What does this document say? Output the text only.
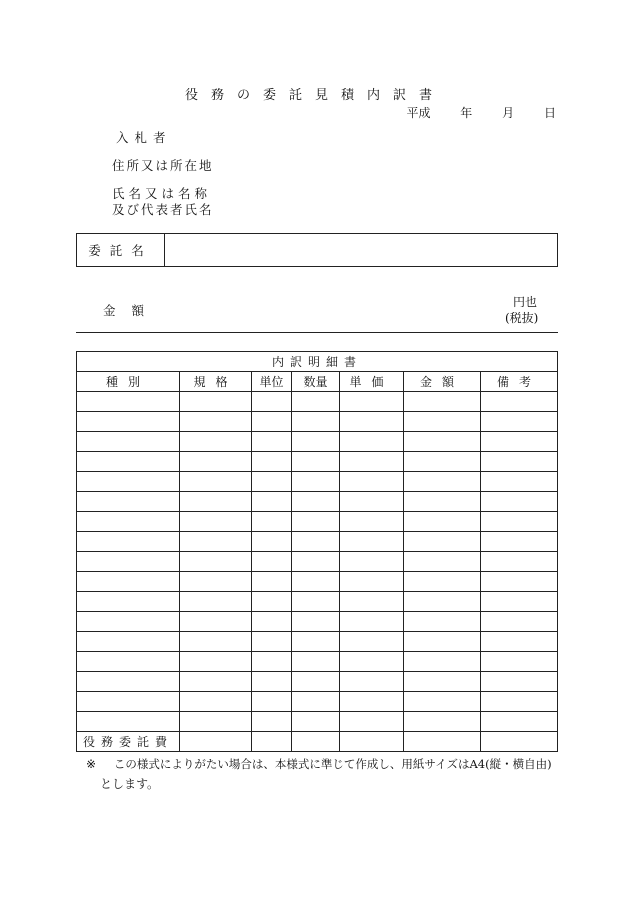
役務の委託見積内訳書
平成 年 月 日
入札者
住所又は所在地
氏名又は名称
及び代表者氏名
委託名
金額
円也
(税抜)
内訳明細書						
種別	規格	単位	数量	単価	金額	備考

役務委託費						
※ この様式によりがたい場合は、本様式に準じて作成し、用紙サイズはA4(縦・横自由)
とします。
